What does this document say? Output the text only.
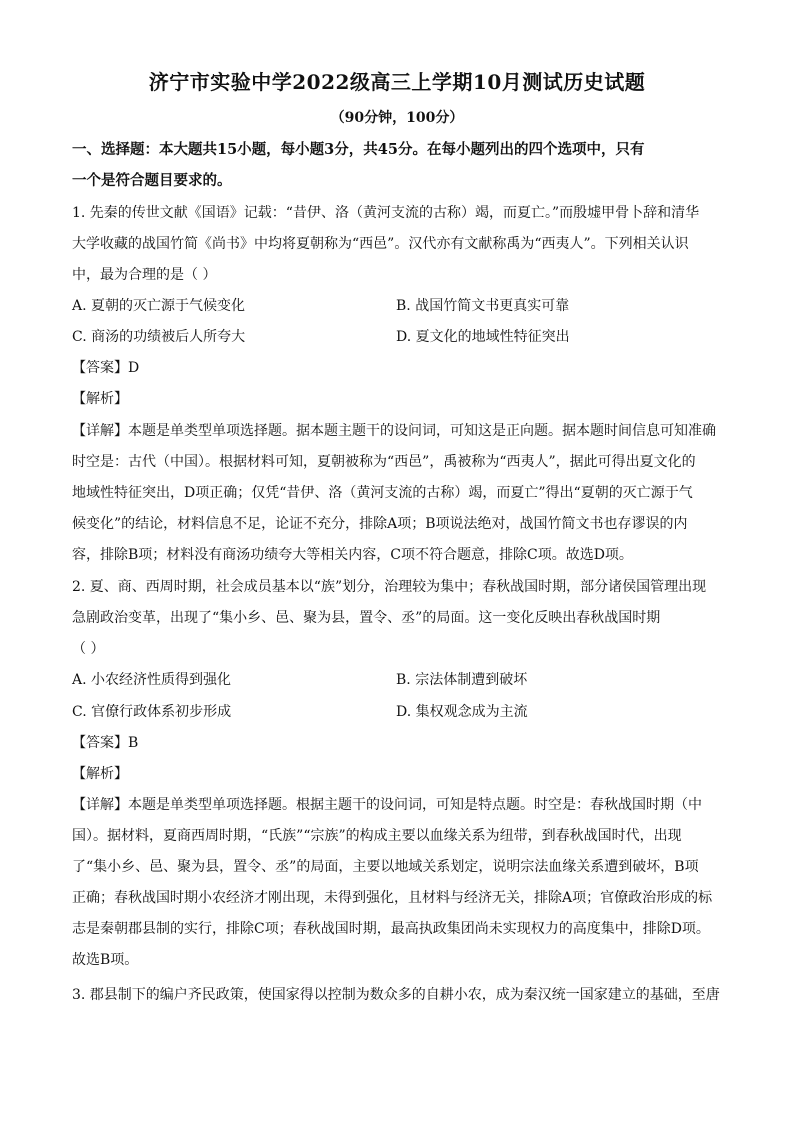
济宁市实验中学2022级高三上学期10月测试历史试题
（90分钟，100分）
一、选择题：本大题共15小题，每小题3分，共45分。在每小题列出的四个选项中，只有
一个是符合题目要求的。
1. 先秦的传世文献《国语》记载：“昔伊、洛（黄河支流的古称）竭，而夏亡。”而殷墟甲骨卜辞和清华
大学收藏的战国竹简《尚书》中均将夏朝称为“西邑”。汉代亦有文献称禹为“西夷人”。下列相关认识
中，最为合理的是（ ）
A. 夏朝的灭亡源于气候变化	B. 战国竹简文书更真实可靠
C. 商汤的功绩被后人所夸大	D. 夏文化的地域性特征突出
【答案】D
【解析】
【详解】本题是单类型单项选择题。据本题主题干的设问词，可知这是正向题。据本题时间信息可知准确
时空是：古代（中国）。根据材料可知，夏朝被称为“西邑”，禹被称为“西夷人”，据此可得出夏文化的
地域性特征突出，D项正确；仅凭“昔伊、洛（黄河支流的古称）竭，而夏亡”得出“夏朝的灭亡源于气
候变化”的结论，材料信息不足，论证不充分，排除A项；B项说法绝对，战国竹简文书也存谬误的内
容，排除B项；材料没有商汤功绩夸大等相关内容，C项不符合题意，排除C项。故选D项。
2. 夏、商、西周时期，社会成员基本以“族”划分，治理较为集中；春秋战国时期，部分诸侯国管理出现
急剧政治变革，出现了“集小乡、邑、聚为县，置令、丞”的局面。这一变化反映出春秋战国时期
（ ）
A. 小农经济性质得到强化	B. 宗法体制遭到破坏
C. 官僚行政体系初步形成	D. 集权观念成为主流
【答案】B
【解析】
【详解】本题是单类型单项选择题。根据主题干的设问词，可知是特点题。时空是：春秋战国时期（中
国）。据材料，夏商西周时期，“氏族”“宗族”的构成主要以血缘关系为纽带，到春秋战国时代，出现
了“集小乡、邑、聚为县，置令、丞”的局面，主要以地域关系划定，说明宗法血缘关系遭到破坏，B项
正确；春秋战国时期小农经济才刚出现，未得到强化，且材料与经济无关，排除A项；官僚政治形成的标
志是秦朝郡县制的实行，排除C项；春秋战国时期，最高执政集团尚未实现权力的高度集中，排除D项。
故选B项。
3. 郡县制下的编户齐民政策，使国家得以控制为数众多的自耕小农，成为秦汉统一国家建立的基础，至唐
